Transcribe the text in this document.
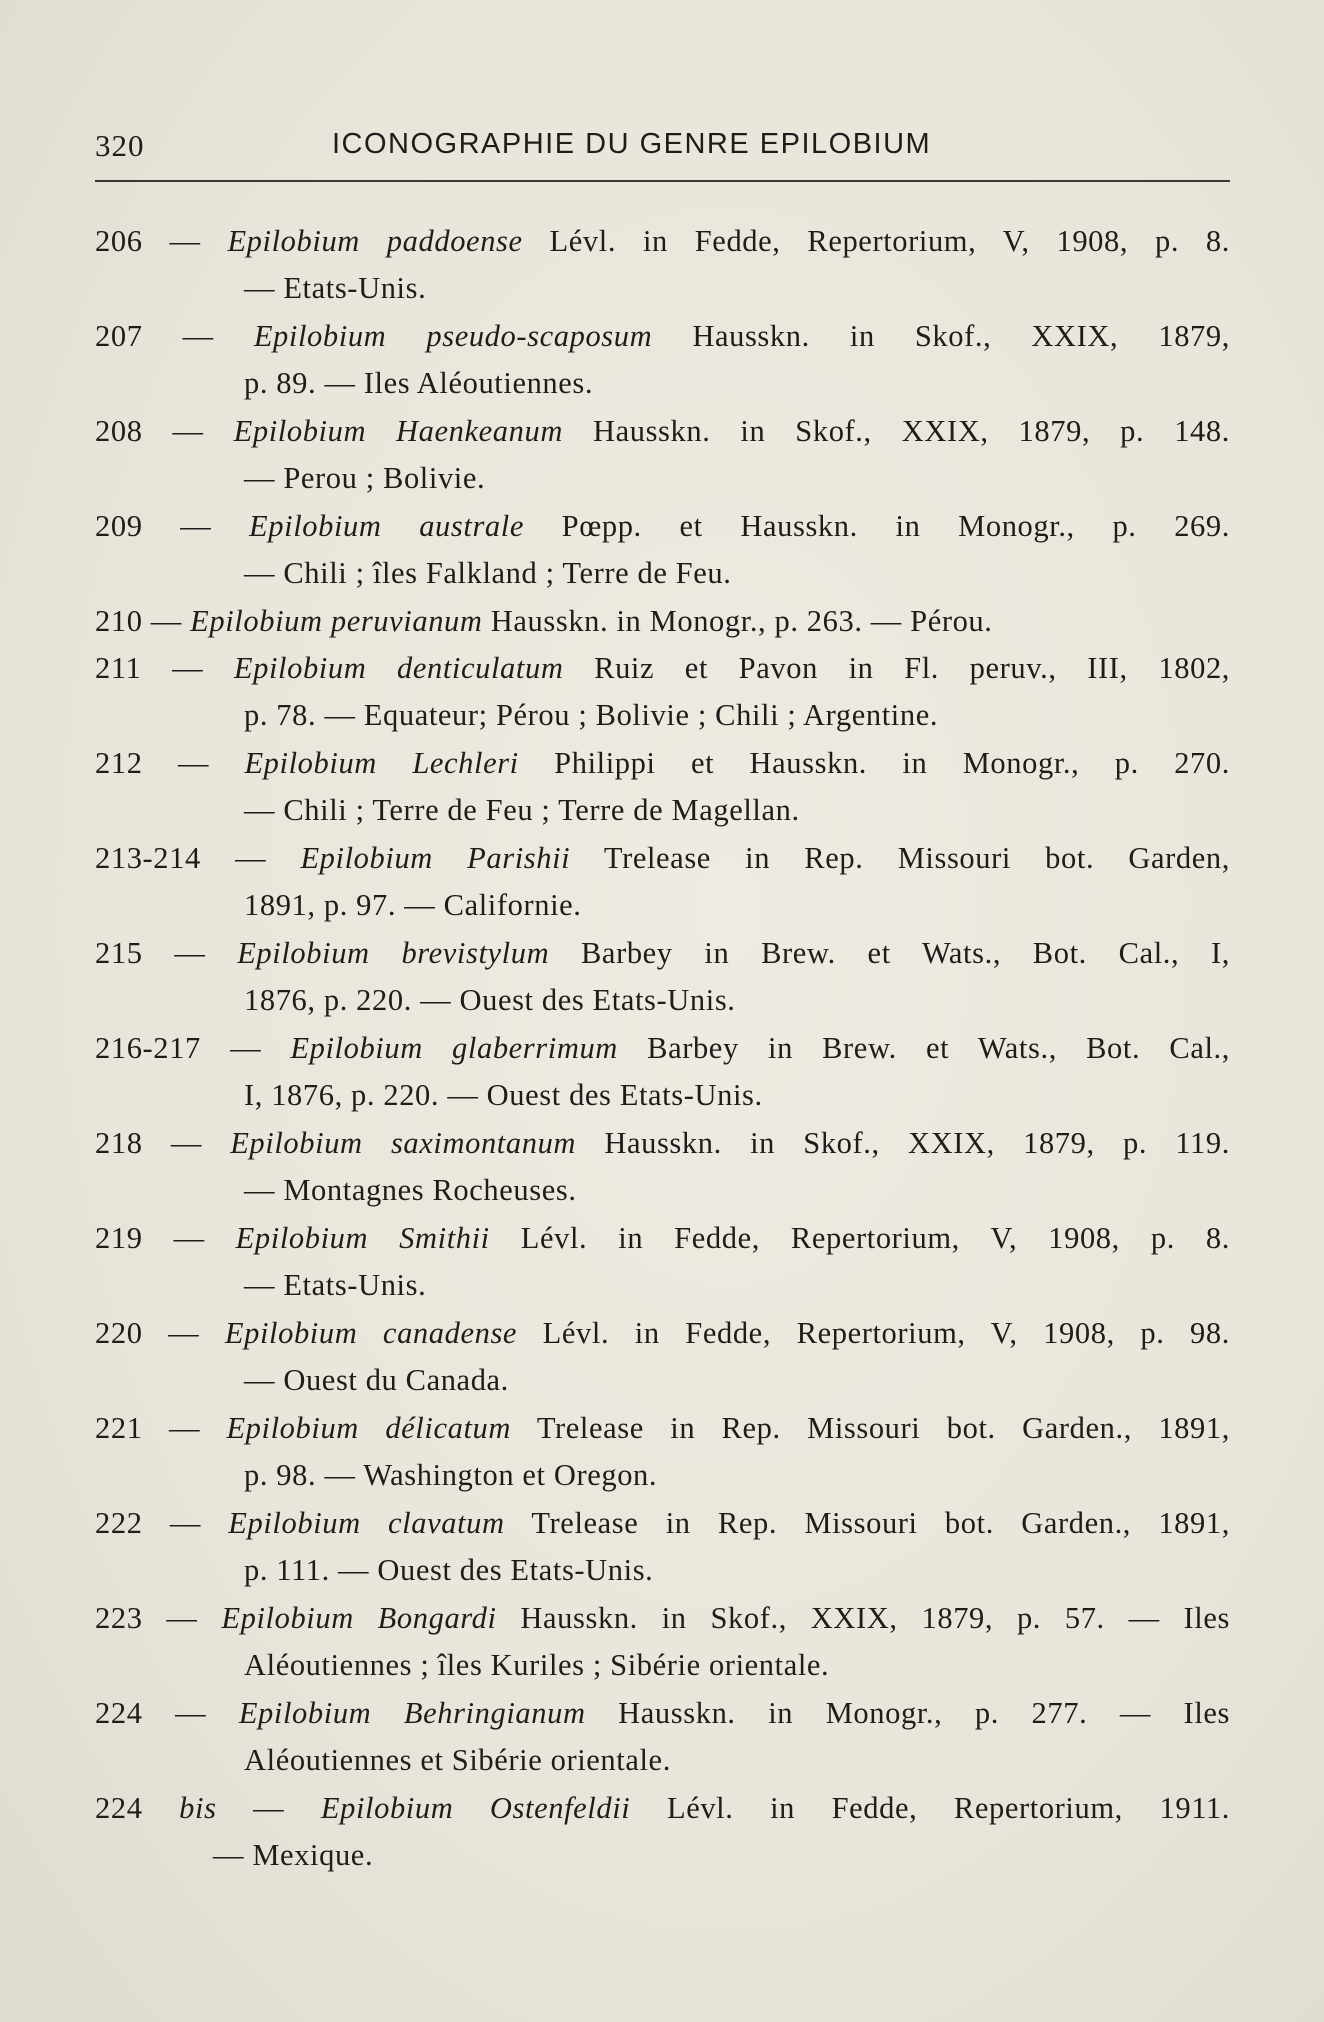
320	ICONOGRAPHIE DU GENRE EPILOBIUM
206 — Epilobium paddoense Lévl. in Fedde, Repertorium, V, 1908, p. 8.
— Etats-Unis.
207 — Epilobium pseudo-scaposum Hausskn. in Skof., XXIX, 1879,
p. 89. — Iles Aléoutiennes.
208 — Epilobium Haenkeanum Hausskn. in Skof., XXIX, 1879, p. 148.
— Perou ; Bolivie.
209 — Epilobium australe Pœpp. et Hausskn. in Monogr., p. 269.
— Chili ; îles Falkland ; Terre de Feu.
210 — Epilobium peruvianum Hausskn. in Monogr., p. 263. — Pérou.
211 — Epilobium denticulatum Ruiz et Pavon in Fl. peruv., III, 1802,
p. 78. — Equateur; Pérou ; Bolivie ; Chili ; Argentine.
212 — Epilobium Lechleri Philippi et Hausskn. in Monogr., p. 270.
— Chili ; Terre de Feu ; Terre de Magellan.
213-214 — Epilobium Parishii Trelease in Rep. Missouri bot. Garden,
1891, p. 97. — Californie.
215 — Epilobium brevistylum Barbey in Brew. et Wats., Bot. Cal., I,
1876, p. 220. — Ouest des Etats-Unis.
216-217 — Epilobium glaberrimum Barbey in Brew. et Wats., Bot. Cal.,
I, 1876, p. 220. — Ouest des Etats-Unis.
218 — Epilobium saximontanum Hausskn. in Skof., XXIX, 1879, p. 119.
— Montagnes Rocheuses.
219 — Epilobium Smithii Lévl. in Fedde, Repertorium, V, 1908, p. 8.
— Etats-Unis.
220 — Epilobium canadense Lévl. in Fedde, Repertorium, V, 1908, p. 98.
— Ouest du Canada.
221 — Epilobium délicatum Trelease in Rep. Missouri bot. Garden., 1891,
p. 98. — Washington et Oregon.
222 — Epilobium clavatum Trelease in Rep. Missouri bot. Garden., 1891,
p. 111. — Ouest des Etats-Unis.
223 — Epilobium Bongardi Hausskn. in Skof., XXIX, 1879, p. 57. — Iles
Aléoutiennes ; îles Kuriles ; Sibérie orientale.
224 — Epilobium Behringianum Hausskn. in Monogr., p. 277. — Iles
Aléoutiennes et Sibérie orientale.
224 bis — Epilobium Ostenfeldii Lévl. in Fedde, Repertorium, 1911.
— Mexique.
